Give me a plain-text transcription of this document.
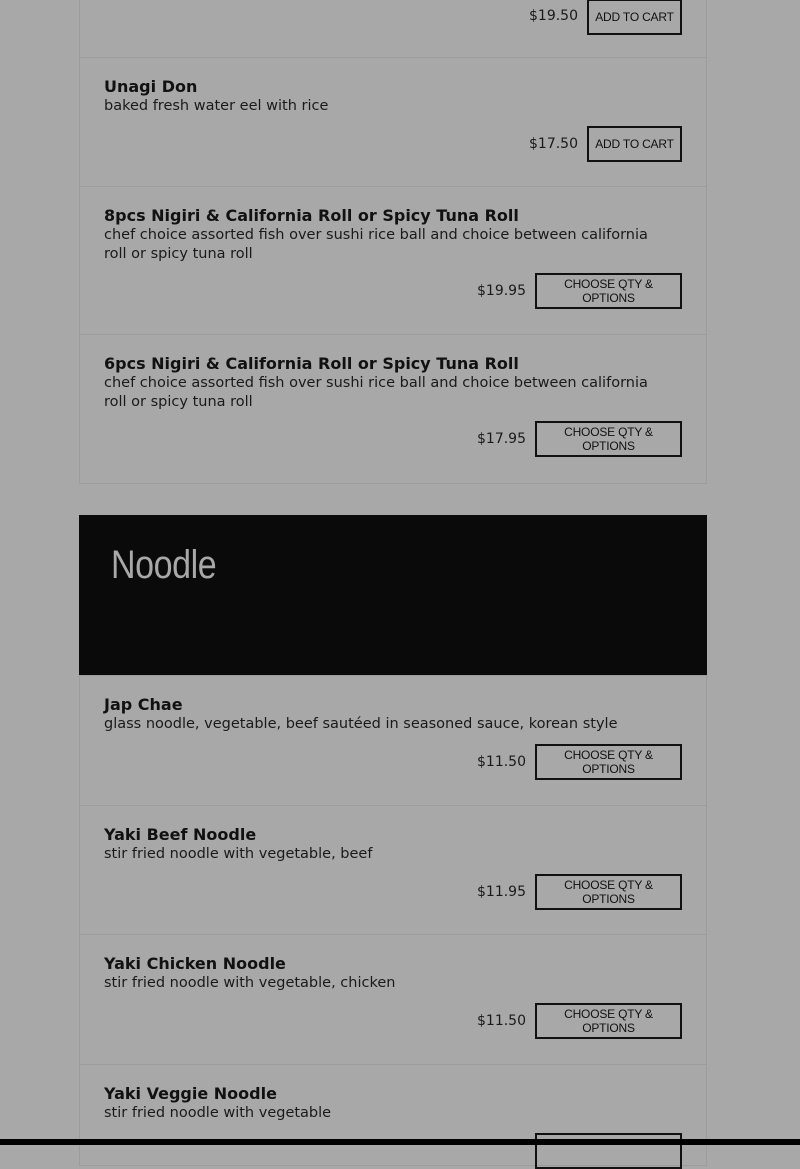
$19.50	ADD TO CART
Unagi Don
baked fresh water eel with rice
$17.50	ADD TO CART
8pcs Nigiri & California Roll or Spicy Tuna Roll
chef choice assorted fish over sushi rice ball and choice between california roll or spicy tuna roll
$19.95	CHOOSE QTY & OPTIONS
6pcs Nigiri & California Roll or Spicy Tuna Roll
chef choice assorted fish over sushi rice ball and choice between california roll or spicy tuna roll
$17.95	CHOOSE QTY & OPTIONS
Noodle
Jap Chae
glass noodle, vegetable, beef sautéed in seasoned sauce, korean style
$11.50	CHOOSE QTY & OPTIONS
Yaki Beef Noodle
stir fried noodle with vegetable, beef
$11.95	CHOOSE QTY & OPTIONS
Yaki Chicken Noodle
stir fried noodle with vegetable, chicken
$11.50	CHOOSE QTY & OPTIONS
Yaki Veggie Noodle
stir fried noodle with vegetable
